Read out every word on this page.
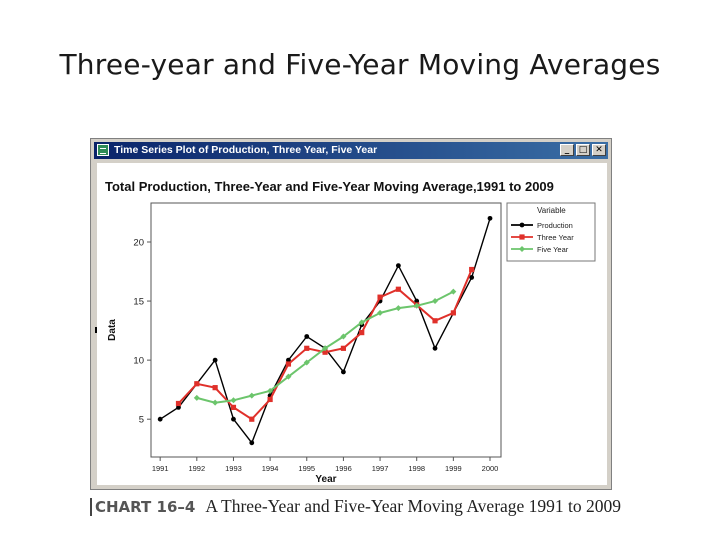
Three-year and Five-Year Moving Averages
Time Series Plot of Production, Three Year, Five Year	_	□ ✕
Total Production, Three-Year and Five-Year Moving Average,1991 to 2009
5
10
15
20
1991	1992	1993	1994	1995	1996	1997	1998	1999	2000
Data
Year
Variable
Production
Three Year
Five Year
CHART 16–4 A Three-Year and Five-Year Moving Average 1991 to 2009
